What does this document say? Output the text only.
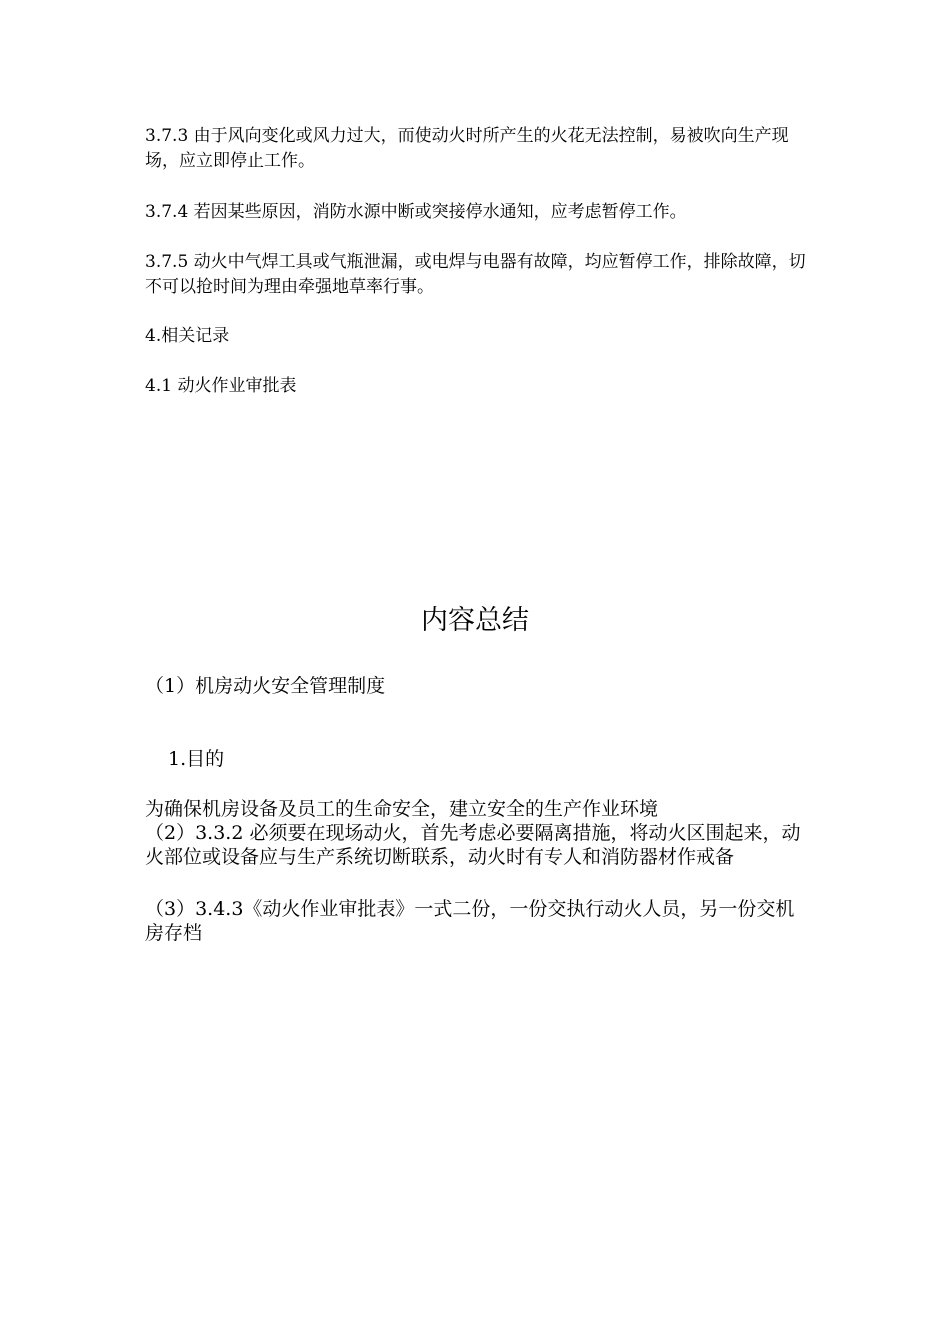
3.7.3 由于风向变化或风力过大，而使动火时所产生的火花无法控制，易被吹向生产现场，应立即停止工作。

3.7.4 若因某些原因，消防水源中断或突接停水通知，应考虑暂停工作。

3.7.5 动火中气焊工具或气瓶泄漏，或电焊与电器有故障，均应暂停工作，排除故障，切不可以抢时间为理由牵强地草率行事。

4.相关记录

4.1 动火作业审批表

内容总结

（1）机房动火安全管理制度

1.目的

为确保机房设备及员工的生命安全，建立安全的生产作业环境

（2）3.3.2 必须要在现场动火，首先考虑必要隔离措施，将动火区围起来，动火部位或设备应与生产系统切断联系，动火时有专人和消防器材作戒备

（3）3.4.3《动火作业审批表》一式二份，一份交执行动火人员，另一份交机房存档
